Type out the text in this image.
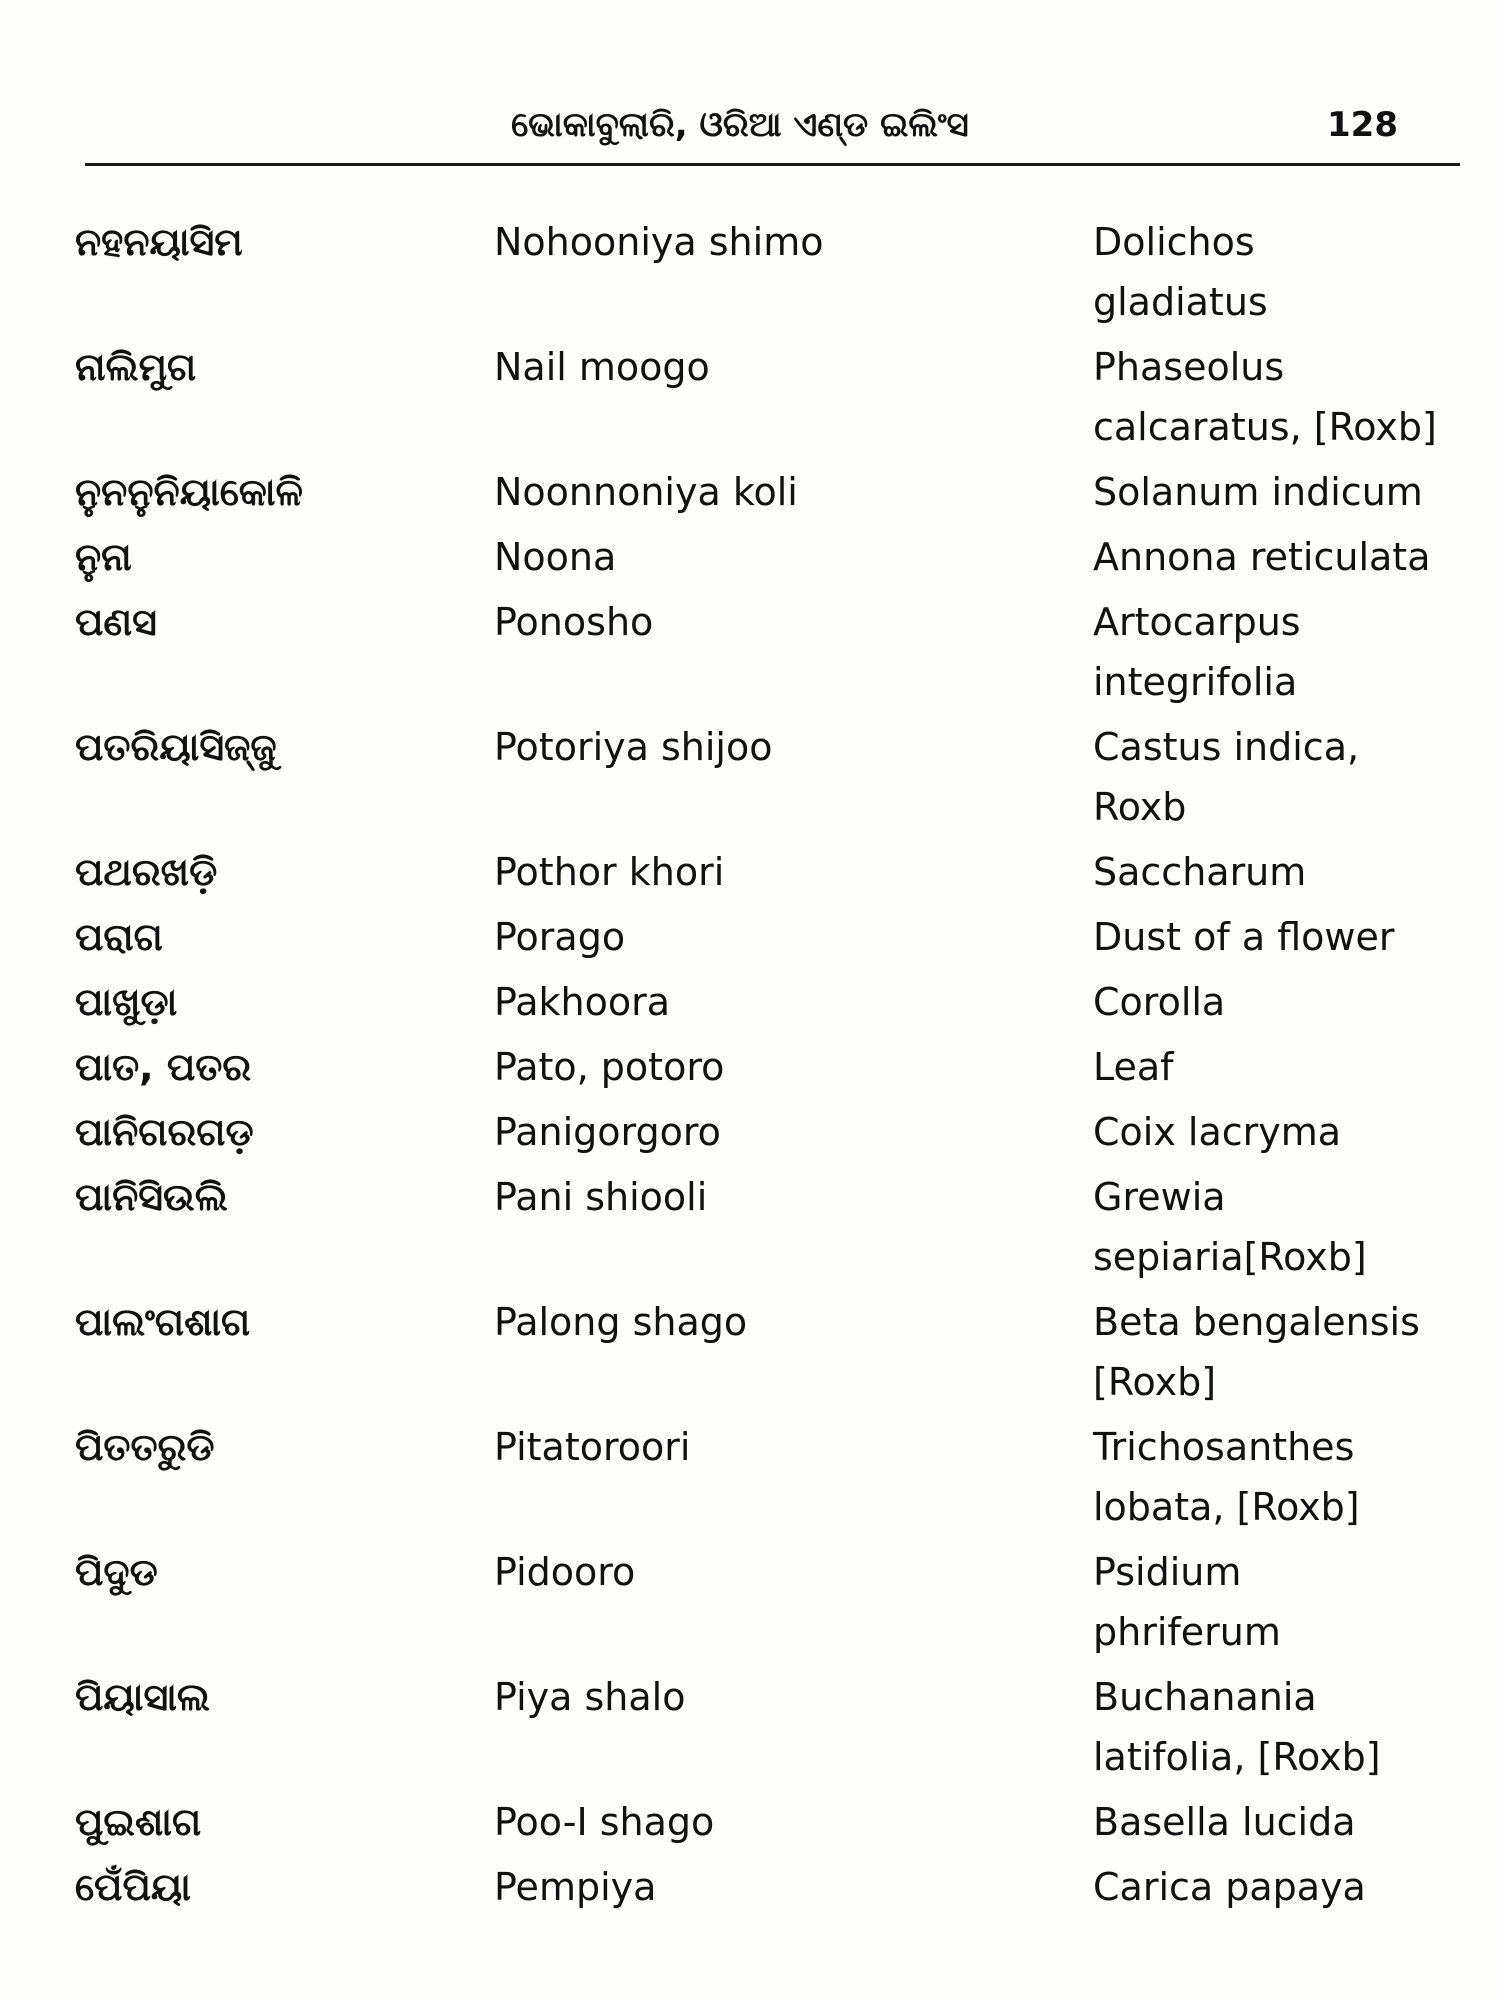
ଭୋକାବୁଲାରି, ଓରିଆ ଏଣ୍ଡ ଇଲିଂସ	128
ନହନୟାସିମ	Nohooniya shimo	Dolichos
gladiatus
ନାଲିମୁଗ	Nail moogo	Phaseolus
calcaratus, [Roxb]
ନୁନନୁନିୟାକୋଳି	Noonnoniya koli	Solanum indicum
ନୁନା	Noona	Annona reticulata
ପଣସ	Ponosho	Artocarpus
integrifolia
ପତରିୟାସିଜ୍ଜୁ	Potoriya shijoo	Castus indica,
Roxb
ପଥରଖଡ଼ି	Pothor khori	Saccharum
ପରାଗ	Porago	Dust of a flower
ପାଖୁଡ଼ା	Pakhoora	Corolla
ପାତ, ପତର	Pato, potoro	Leaf
ପାନିଗରଗଡ଼	Panigorgoro	Coix lacryma
ପାନିସିଉଲି	Pani shiooli	Grewia
sepiaria[Roxb]
ପାଲଂଗଶାଗ	Palong shago	Beta bengalensis
[Roxb]
ପିତତରୁଡି	Pitatoroori	Trichosanthes
lobata, [Roxb]
ପିଦୁଡ	Pidooro	Psidium
phriferum
ପିୟାସାଲ	Piya shalo	Buchanania
latifolia, [Roxb]
ପୁଇଶାଗ	Poo-I shago	Basella lucida
ପେଁପିୟା	Pempiya	Carica papaya
